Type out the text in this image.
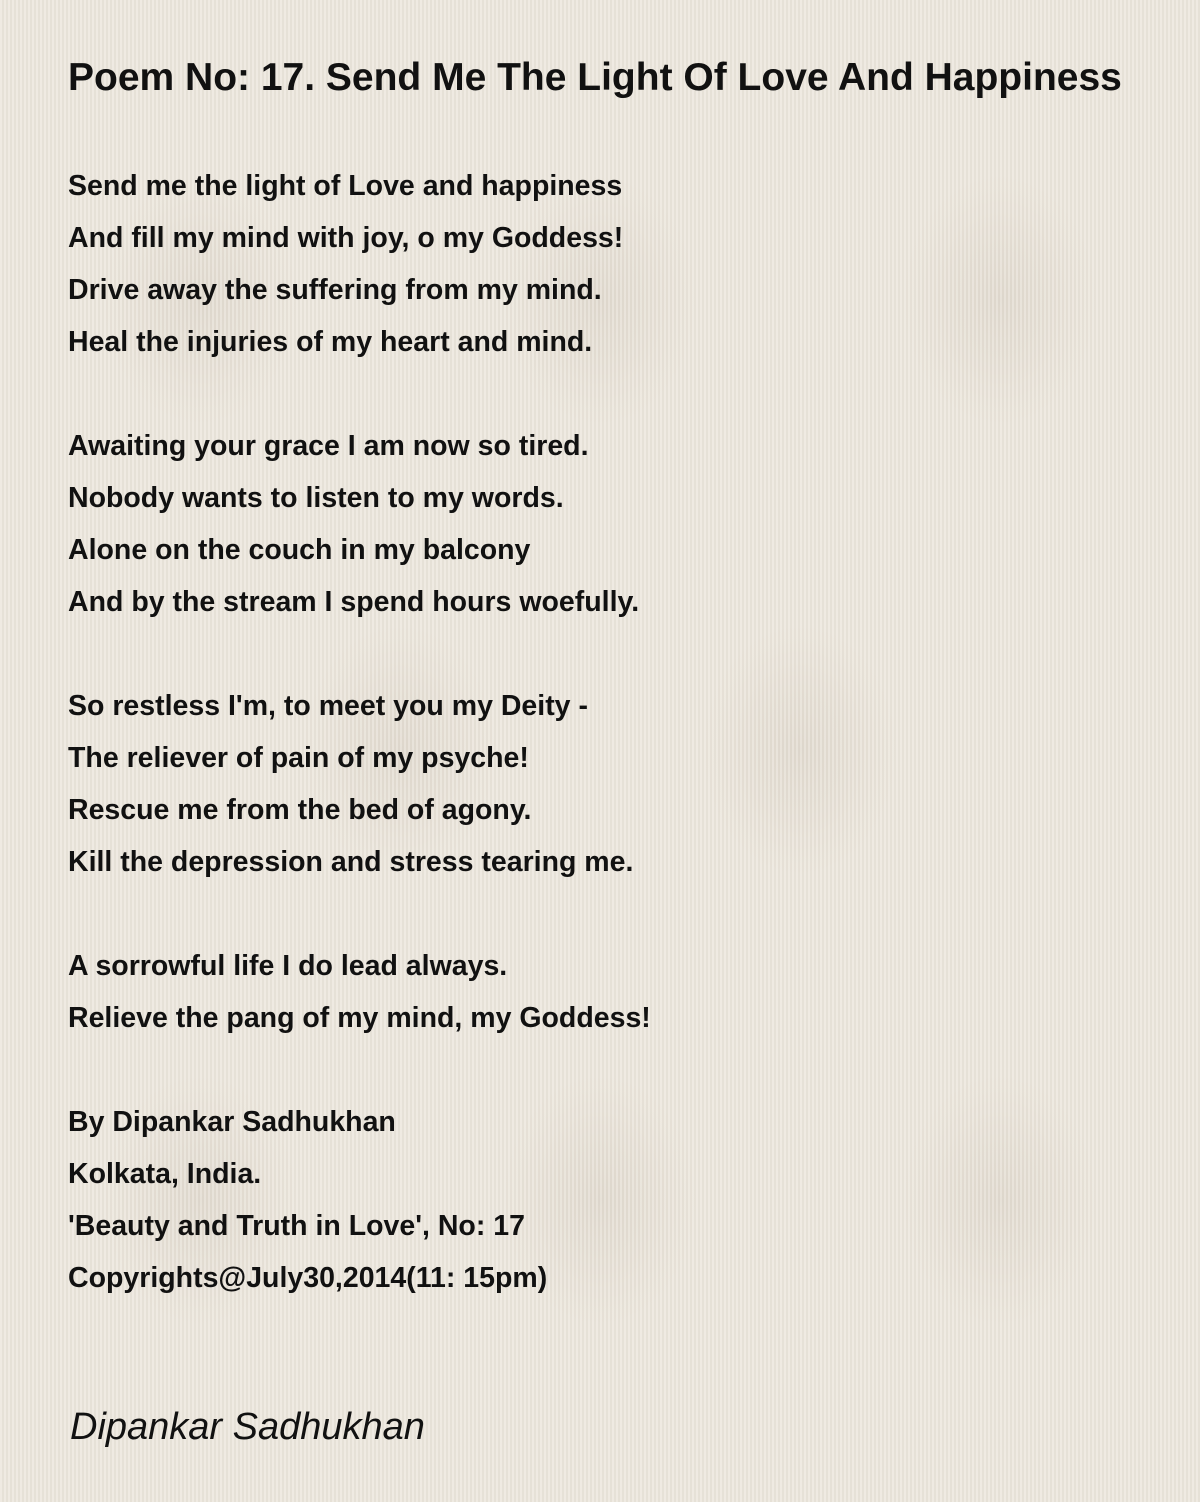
Poem No: 17. Send Me The Light Of Love And Happiness
Send me the light of Love and happiness
And fill my mind with joy, o my Goddess!
Drive away the suffering from my mind.
Heal the injuries of my heart and mind.
Awaiting your grace I am now so tired.
Nobody wants to listen to my words.
Alone on the couch in my balcony
And by the stream I spend hours woefully.
So restless I'm, to meet you my Deity -
The reliever of pain of my psyche!
Rescue me from the bed of agony.
Kill the depression and stress tearing me.
A sorrowful life I do lead always.
Relieve the pang of my mind, my Goddess!
By Dipankar Sadhukhan
Kolkata, India.
'Beauty and Truth in Love', No: 17
Copyrights@July30,2014(11: 15pm)
Dipankar Sadhukhan
